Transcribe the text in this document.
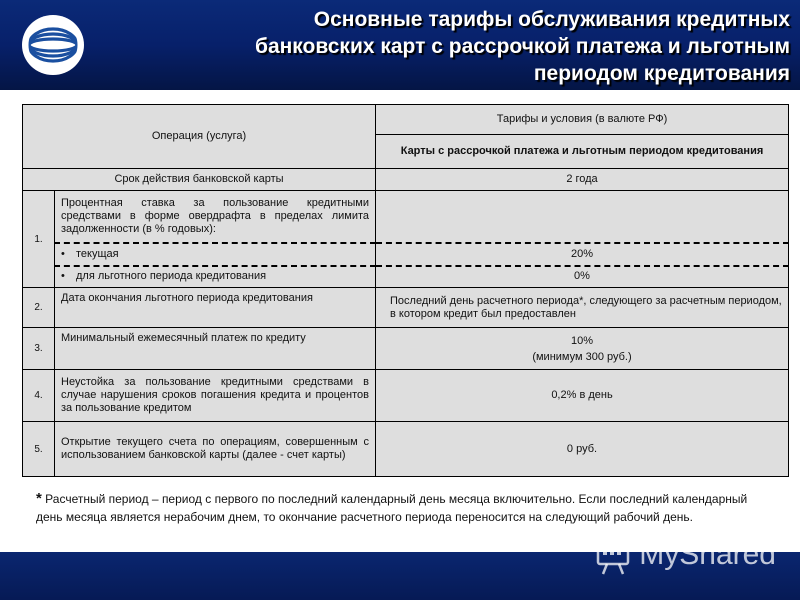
Основные тарифы обслуживания кредитных
банковских карт с рассрочкой платежа и льготным
периодом кредитования
Операция (услуга)		Тарифы и условия (в валюте РФ)
		Карты с рассрочкой платежа и льготным периодом кредитования
Срок действия банковской карты		2 года
1.	Процентная ставка за пользование кредитными средствами в форме овердрафта в пределах лимита задолженности (в % годовых):	
	• текущая	20%
	• для льготного периода кредитования	0%
2.	Дата окончания льготного периода кредитования	Последний день расчетного периода*, следующего за расчетным периодом, в котором кредит был предоставлен
3.	Минимальный ежемесячный платеж по кредиту	10%
(минимум 300 руб.)

4.	Неустойка за пользование кредитными средствами в случае нарушения сроков погашения кредита и процентов за пользование кредитом	0,2% в день
5.	Открытие текущего счета по операциям, совершенным с использованием банковской карты (далее - счет карты)	0 руб.
* Расчетный период – период с первого по последний календарный день месяца включительно. Если последний календарный день месяца является нерабочим днем, то окончание расчетного периода переносится на следующий рабочий день.
MyShared
